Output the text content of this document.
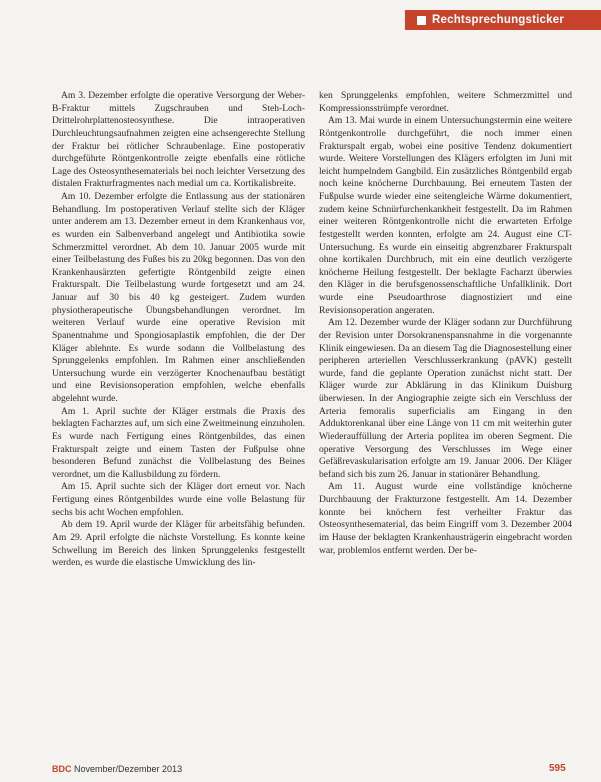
Rechtsprechungsticker

Am 3. Dezember erfolgte die operative Versorgung der Weber-B-Fraktur mittels Zugschrauben und Steh-Loch-Drittelrohrplattenosteosynthese. Die intraoperativen Durchleuchtungsaufnahmen zeigten eine achsengerechte Stellung der Fraktur bei rötlicher Schraubenlage. Eine postoperativ durchgeführte Röntgenkontrolle zeigte ebenfalls eine rötliche Lage des Osteosynthesematerials bei noch leichter Versetzung des distalen Frakturfragmentes nach medial um ca. Kortikalisbreite.

Am 10. Dezember erfolgte die Entlassung aus der stationären Behandlung. Im postoperativen Verlauf stellte sich der Kläger unter anderem am 13. Dezember erneut in dem Krankenhaus vor, es wurden ein Salbenverband angelegt und Antibiotika sowie Schmerzmittel verordnet. Ab dem 10. Januar 2005 wurde mit einer Teilbelastung des Fußes bis zu 20kg begonnen. Das von den Krankenhausärzten gefertigte Röntgenbild zeigte einen Frakturspalt. Die Teilbelastung wurde fortgesetzt und am 24. Januar auf 30 bis 40 kg gesteigert. Zudem wurden physiotherapeutische Übungsbehandlungen verordnet. Im weiteren Verlauf wurde eine operative Revision mit Spanentnahme und Spongiosaplastik empfohlen, die der Der Kläger ablehnte. Es wurde sodann die Vollbelastung des Sprunggelenks empfohlen. Im Rahmen einer anschließenden Untersuchung wurde ein verzögerter Knochenaufbau bestätigt und eine Revisionsoperation empfohlen, welche ebenfalls abgelehnt wurde.

Am 1. April suchte der Kläger erstmals die Praxis des beklagten Facharztes auf, um sich eine Zweitmeinung einzuholen. Es wurde nach Fertigung eines Röntgenbildes, das einen Frakturspalt zeigte und einem Tasten der Fußpulse ohne besonderen Befund zunächst die Vollbelastung des Beines verordnet, um die Kallusbildung zu fördern.

Am 15. April suchte sich der Kläger dort erneut vor. Nach Fertigung eines Röntgenbildes wurde eine volle Belastung für sechs bis acht Wochen empfohlen.

Ab dem 19. April wurde der Kläger für arbeitsfähig befunden. Am 29. April erfolgte die nächste Vorstellung. Es konnte keine Schwellung im Bereich des linken Sprunggelenks festgestellt werden, es wurde die elastische Umwicklung des lin-

ken Sprunggelenks empfohlen, weitere Schmerzmittel und Kompressionsstrümpfe verordnet.

Am 13. Mai wurde in einem Untersuchungstermin eine weitere Röntgenkontrolle durchgeführt, die noch immer einen Frakturspalt ergab, wobei eine positive Tendenz dokumentiert wurde. Weitere Vorstellungen des Klägers erfolgten im Juni mit leicht humpelndem Gangbild. Ein zusätzliches Röntgenbild ergab noch keine knöcherne Durchbauung. Bei erneutem Tasten der Fußpulse wurde wieder eine seitengleiche Wärme dokumentiert, zudem keine Schnürfurchenkankheit festgestellt. Da im Rahmen einer weiteren Röntgenkontrolle nicht die erwarteten Erfolge festgestellt werden konnten, erfolgte am 24. August eine CT-Untersuchung. Es wurde ein einseitig abgrenzbarer Frakturspalt ohne kortikalen Durchbruch, mit ein eine deutlich verzögerte knöcherne Heilung festgestellt. Der beklagte Facharzt überwies den Kläger in die berufsgenossenschaftliche Unfallklinik. Dort wurde eine Pseudoarthrose diagnostiziert und eine Revisionsoperation angeraten.

Am 12. Dezember wurde der Kläger sodann zur Durchführung der Revision unter Dorsokranenspansnahme in die vorgenannte Klinik eingewiesen. Da an diesem Tag die Diagnosestellung einer peripheren arteriellen Verschlusserkrankung (pAVK) gestellt wurde, fand die geplante Operation zunächst nicht statt. Der Kläger wurde zur Abklärung in das Klinikum Duisburg überwiesen. In der Angiographie zeigte sich ein Verschluss der Arteria femoralis superficialis am Eingang in den Adduktorenkanal über eine Länge von 11 cm mit weiterhin guter Wiederauffüllung der Arteria poplitea im oberen Segment. Die operative Versorgung des Verschlusses im Wege einer Gefäßrevaskularisation erfolgte am 19. Januar 2006. Der Kläger befand sich bis zum 26. Januar in stationärer Behandlung.

Am 11. August wurde eine vollständige knöcherne Durchbauung der Frakturzone festgestellt. Am 14. Dezember konnte bei knöchern fest verheilter Fraktur das Osteosynthesematerial, das beim Eingriff vom 3. Dezember 2004 im Hause der beklagten Krankenhausträgerin eingebracht worden war, problemlos entfernt werden. Der be-

BDC November/Dezember 2013	595
